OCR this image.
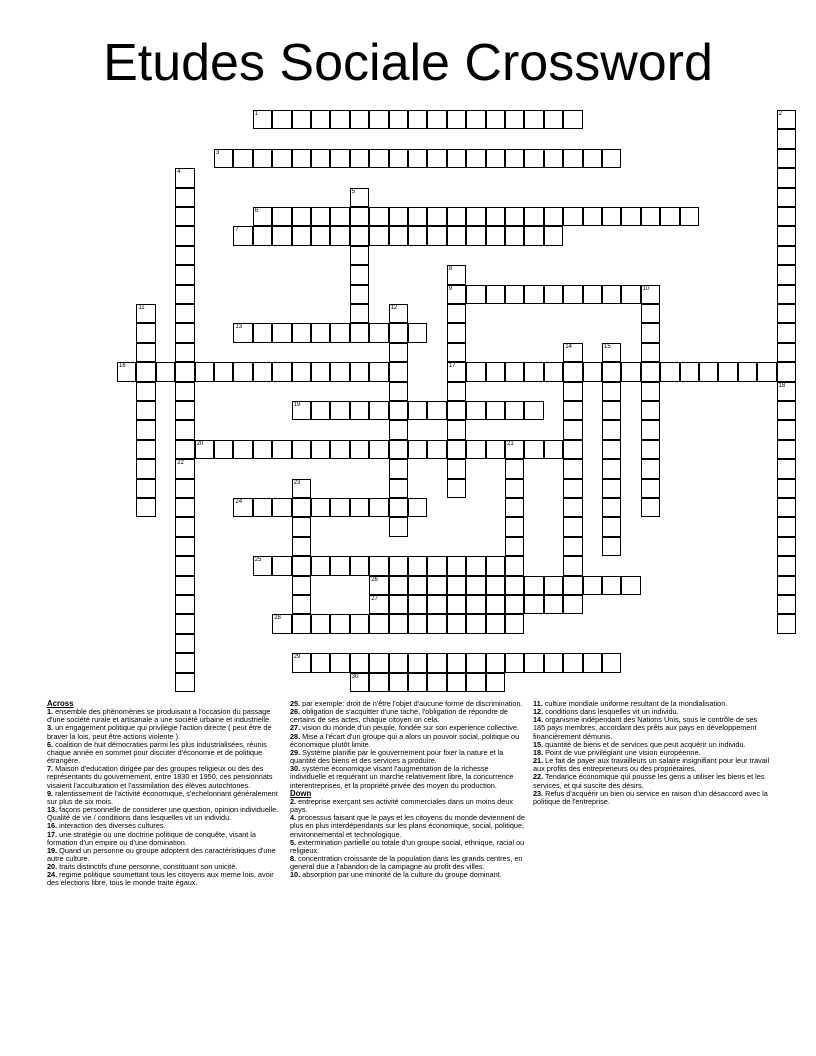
Etudes Sociale Crossword
1	2
18
3
4
22
5
6
7
8
9
17
10
11	12
13
14	15
16
19
20	21
23
24
25
26
27
28
29
30
Across
1. ensemble des phénomènes se produisant a l'occasion du passage d'une société rurale et artisanale a une société urbaine et industrielle.
3. un engagement politique qui privilégie l'action directe ( peut être de braver la lois, peut être actions violente ).
6. coalition de huit démocraties parmi les plus industrialisées, réunis chaque année en sommet pour discuter d'économie et de politique étrangère.
7. Maison d'education dirigée par des groupes religieux ou des des représentants du gouvernement, entre 1830 et 1950, ces pensionnats visaient l'acculturation et l'assimilation des élèves autochtones.
9. ralentissement de l'activité économique, s'échelonnant généralement sur plus de six mois.
13. façons personnelle de considerer une question, opinion individuelle. Qualité de vie / conditions dans lesquelles vit un individu.
16. interaction des diverses cultures.
17. une stratégie ou une doctrine politique de conquête, visant la formation d'un empire ou d'une domination.
19. Quand un personne ou groupe adoptent des caractéristiques d'une autre culture.
20. traits distinctifs d'une personne, constituant son unicité.
24. regime politique soumettant tous les citoyens aux meme lois, avoir des elections libre, tous le monde traite égaux.
25. par exemple: droit de n'être l'objet d'aucune forme de discrimination.
26. obligation de s'acquitter d'une tache, l'obligation de répondre de certains de ses actes, chaque citoyen on cela.
27. vision du monde d'un peuple, fondée sur son experience collective.
28. Mise a l'écart d'un groupe qui a alors un pouvoir social, politique ou économique plutôt limite.
29. Système planifie par le gouvernement pour fixer la nature et la quantité des biens et des services a produire.
30. système économique visant l'augmentation de la richesse individuelle et requérant un marche relativement libre, la concurrence interentreprises, et la propriété privée des moyen du production.
Down
2. entreprise exerçant ses activité commerciales dans un moins deux pays.
4. processus faisant que le pays et les citoyens du monde deviennent de plus en plus interdépendants sur les plans économique, social, politique, environnemental et technologique.
5. extermination partielle ou totale d'un groupe social, ethnique, racial ou religieux.
8. concentration croissante de la population dans les grands centres, en general due a l'abandon de la campagne au profit des villes.
10. absorption par une minorité de la culture du groupe dominant.
11. culture mondiale uniforme resultant de la mondialisation.
12. conditions dans lesquelles vit un individu.
14. organisme indépendant des Nations Unis, sous le contrôle de ses 185 pays membres, accordant des prêts aux pays en développement financièrement démunis.
15. quantité de biens et de services que peut acquérir un individu.
18. Point de vue privilégiant une vision européenne.
21. Le fait de payer aux travailleurs un salaire insignifiant pour leur travail aux profits des entrepreneurs ou des propriétaires.
22. Tendance économique qui pousse les gens a utiliser les biens et les services, et qui suscite des désirs.
23. Refus d'acquérir un bien ou service en raison d'un désaccord avec la politique de l'entreprise.
